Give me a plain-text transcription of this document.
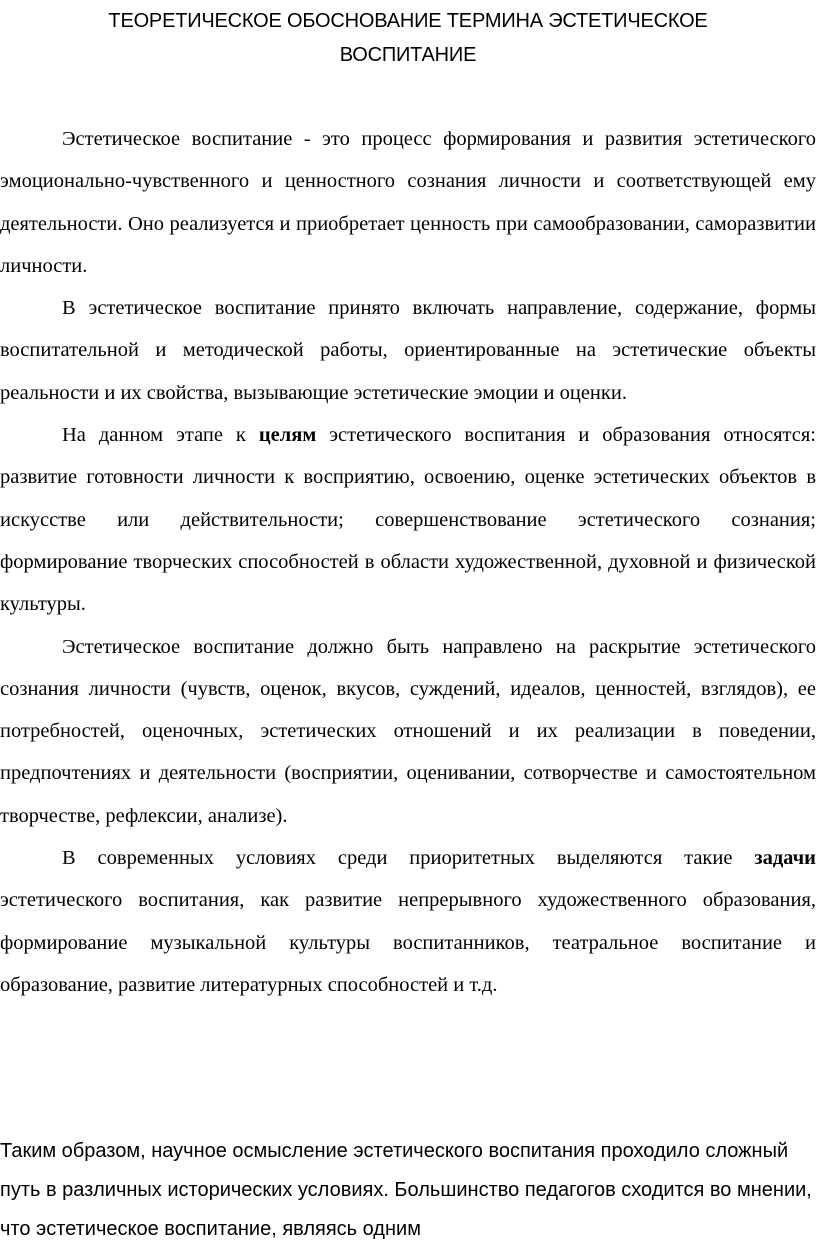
ТЕОРЕТИЧЕСКОЕ ОБОСНОВАНИЕ ТЕРМИНА ЭСТЕТИЧЕСКОЕ ВОСПИТАНИЕ

Эстетическое воспитание - это процесс формирования и развития эстетического эмоционально-чувственного и ценностного сознания личности и соответствующей ему деятельности. Оно реализуется и приобретает ценность при самообразовании, саморазвитии личности.

В эстетическое воспитание принято включать направление, содержание, формы воспитательной и методической работы, ориентированные на эстетические объекты реальности и их свойства, вызывающие эстетические эмоции и оценки.

На данном этапе к целям эстетического воспитания и образования относятся: развитие готовности личности к восприятию, освоению, оценке эстетических объектов в искусстве или действительности; совершенствование эстетического сознания; формирование творческих способностей в области художественной, духовной и физической культуры.

Эстетическое воспитание должно быть направлено на раскрытие эстетического сознания личности (чувств, оценок, вкусов, суждений, идеалов, ценностей, взглядов), ее потребностей, оценочных, эстетических отношений и их реализации в поведении, предпочтениях и деятельности (восприятии, оценивании, сотворчестве и самостоятельном творчестве, рефлексии, анализе).

В современных условиях среди приоритетных выделяются такие задачи эстетического воспитания, как развитие непрерывного художественного образования, формирование музыкальной культуры воспитанников, театральное воспитание и образование, развитие литературных способностей и т.д.

Таким образом, научное осмысление эстетического воспитания проходило сложный путь в различных исторических условиях. Большинство педагогов сходится во мнении, что эстетическое воспитание, являясь одним
